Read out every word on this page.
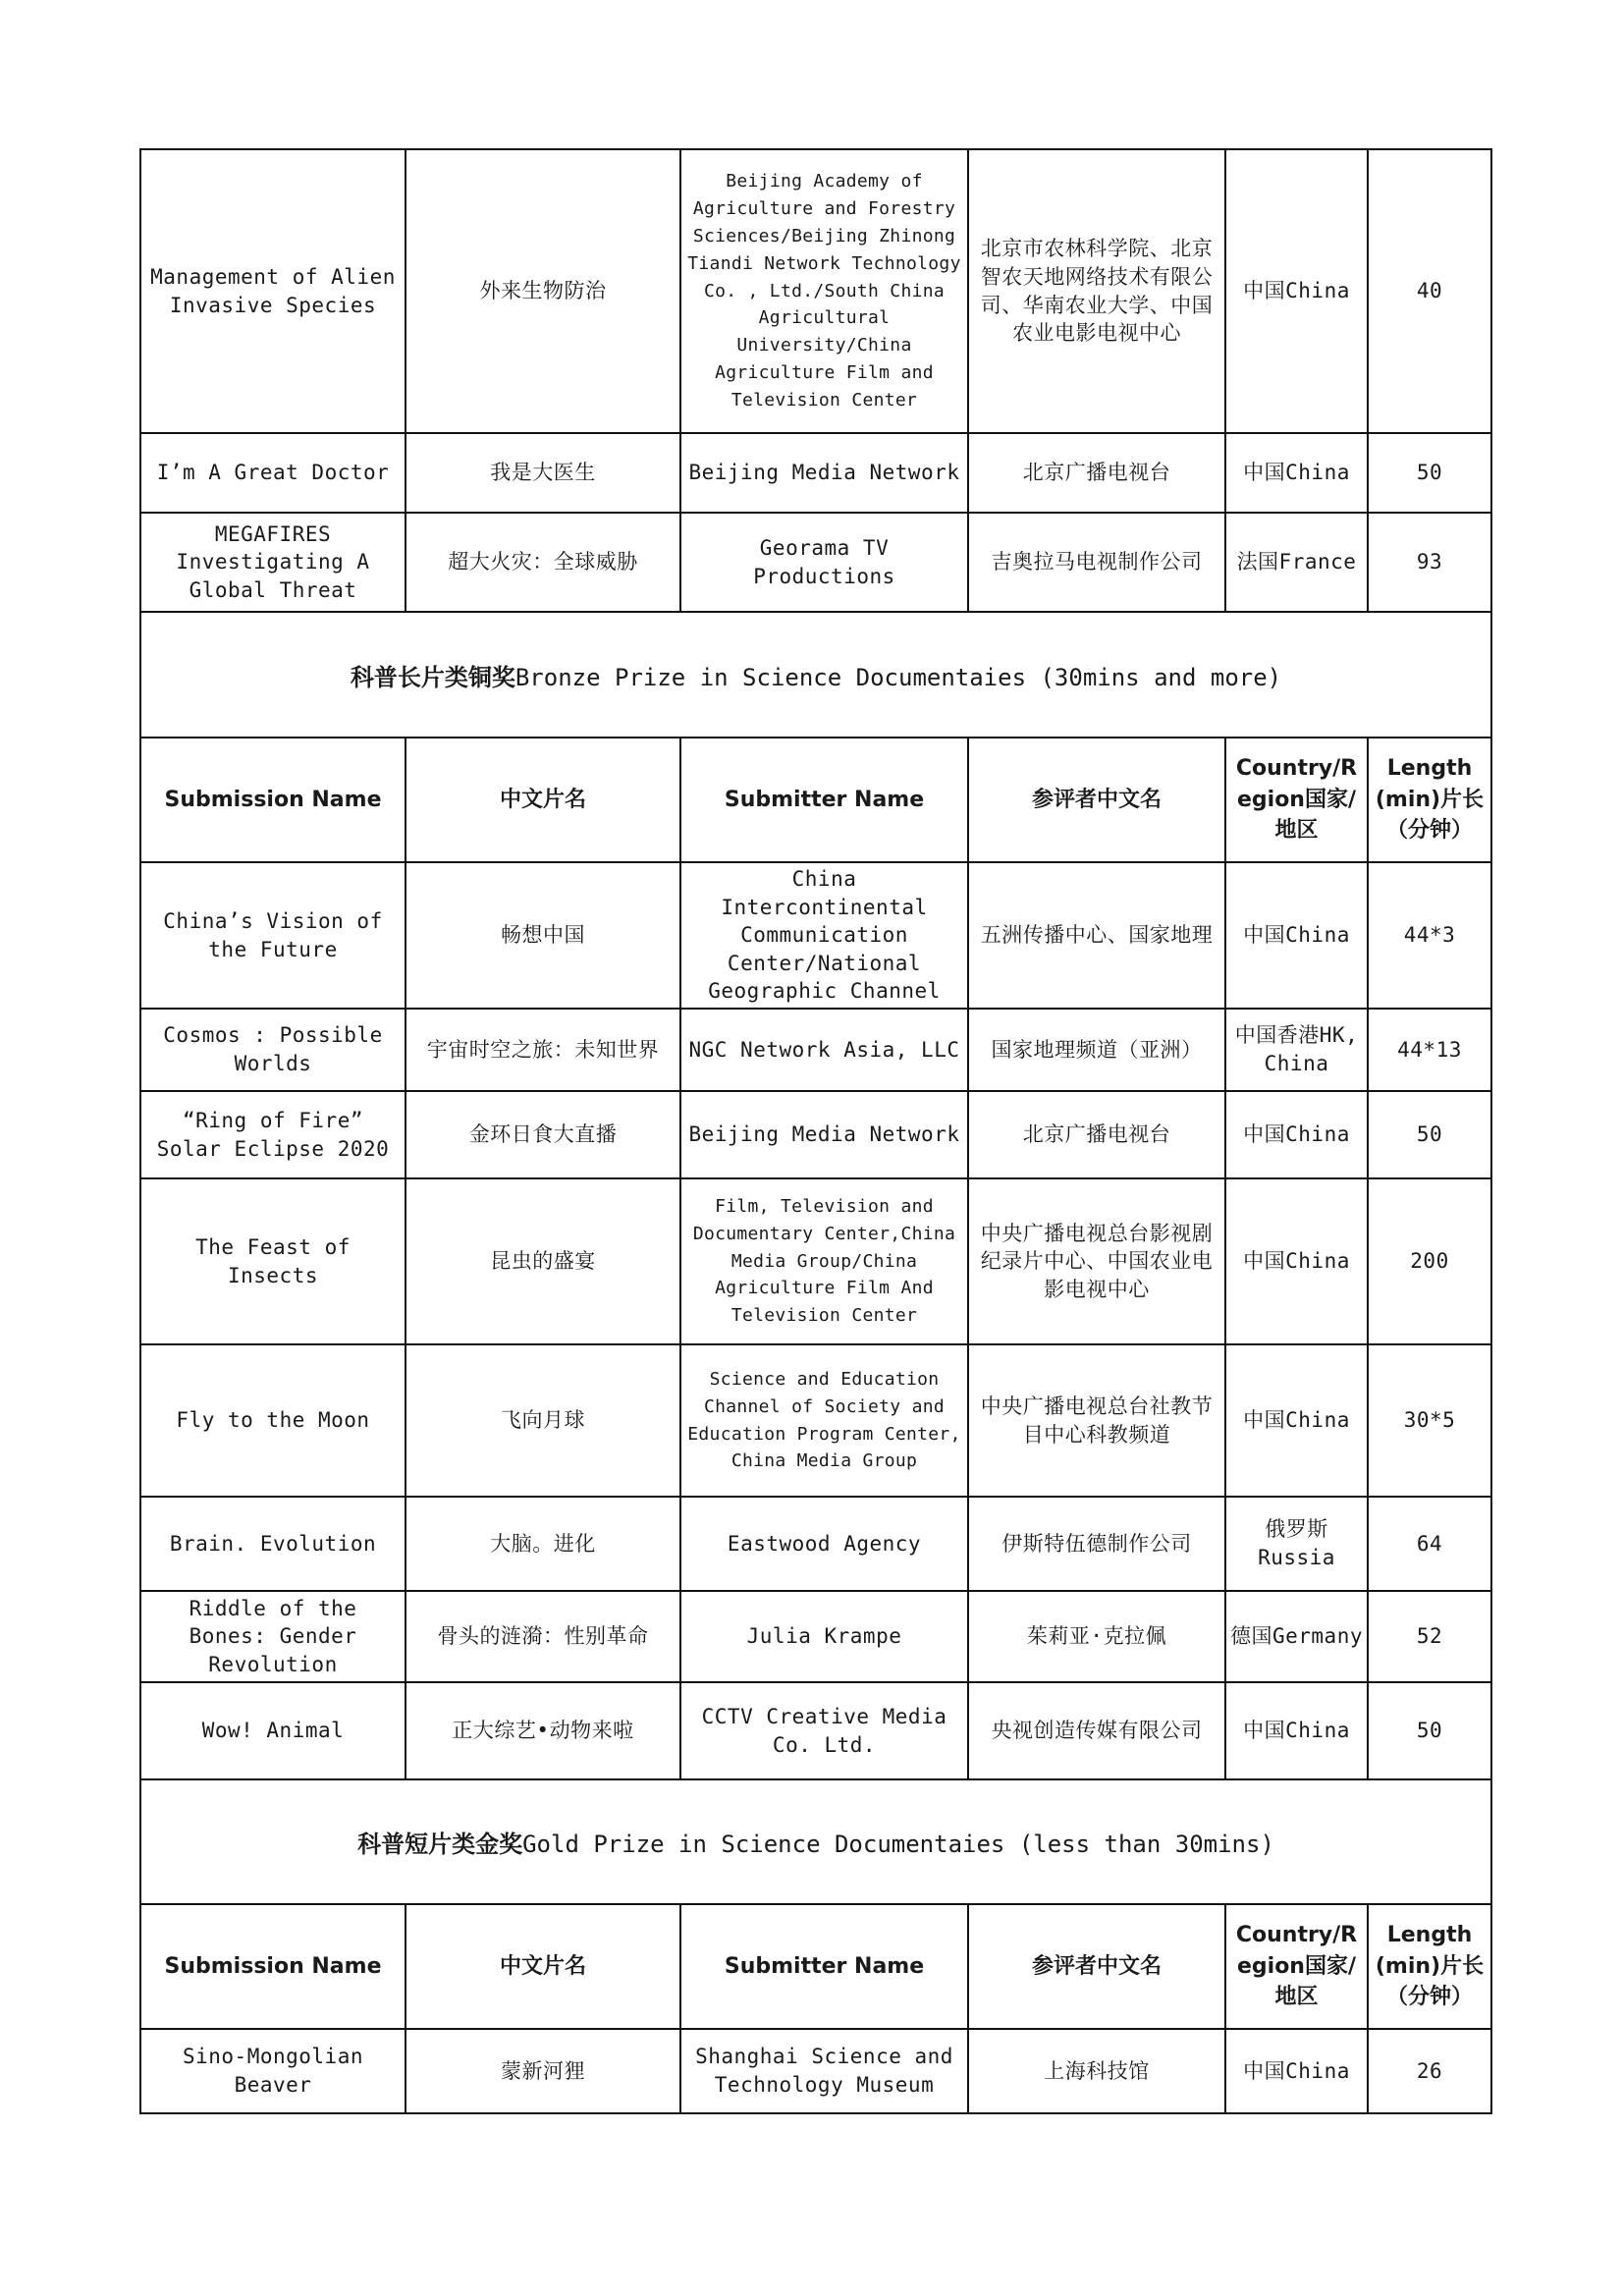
Management of Alien Invasive Species	外来生物防治	Beijing Academy of Agriculture and Forestry Sciences/Beijing Zhinong Tiandi Network Technology Co. , Ltd./South China Agricultural University/China Agriculture Film and Television Center	北京市农林科学院、北京智农天地网络技术有限公司、华南农业大学、中国农业电影电视中心	中国China	40
I’m A Great Doctor	我是大医生	Beijing Media Network	北京广播电视台	中国China	50
MEGAFIRES Investigating A Global Threat	超大火灾：全球威胁	Georama TV Productions	吉奥拉马电视制作公司	法国France	93
科普长片类铜奖Bronze Prize in Science Documentaies (30mins and more)					
Submission Name	中文片名	Submitter Name	参评者中文名	Country/Region国家/地区	Length (min)片长（分钟）
China’s Vision of the Future	畅想中国	China Intercontinental Communication Center/National Geographic Channel	五洲传播中心、国家地理	中国China	44*3
Cosmos : Possible Worlds	宇宙时空之旅：未知世界	NGC Network Asia, LLC	国家地理频道（亚洲）	中国香港HK, China	44*13
“Ring of Fire” Solar Eclipse 2020	金环日食大直播	Beijing Media Network	北京广播电视台	中国China	50
The Feast of Insects	昆虫的盛宴	Film, Television and Documentary Center,China Media Group/China Agriculture Film And Television Center	中央广播电视总台影视剧纪录片中心、中国农业电影电视中心	中国China	200
Fly to the Moon	飞向月球	Science and Education Channel of Society and Education Program Center, China Media Group	中央广播电视总台社教节目中心科教频道	中国China	30*5
Brain. Evolution	大脑。进化	Eastwood Agency	伊斯特伍德制作公司	俄罗斯Russia	64
Riddle of the Bones: Gender Revolution	骨头的涟漪：性别革命	Julia Krampe	茱莉亚·克拉佩	德国Germany	52
Wow! Animal	正大综艺•动物来啦	CCTV Creative Media Co. Ltd.	央视创造传媒有限公司	中国China	50
科普短片类金奖Gold Prize in Science Documentaies (less than 30mins)					
Submission Name	中文片名	Submitter Name	参评者中文名	Country/Region国家/地区	Length (min)片长（分钟）
Sino-Mongolian Beaver	蒙新河狸	Shanghai Science and Technology Museum	上海科技馆	中国China	26
